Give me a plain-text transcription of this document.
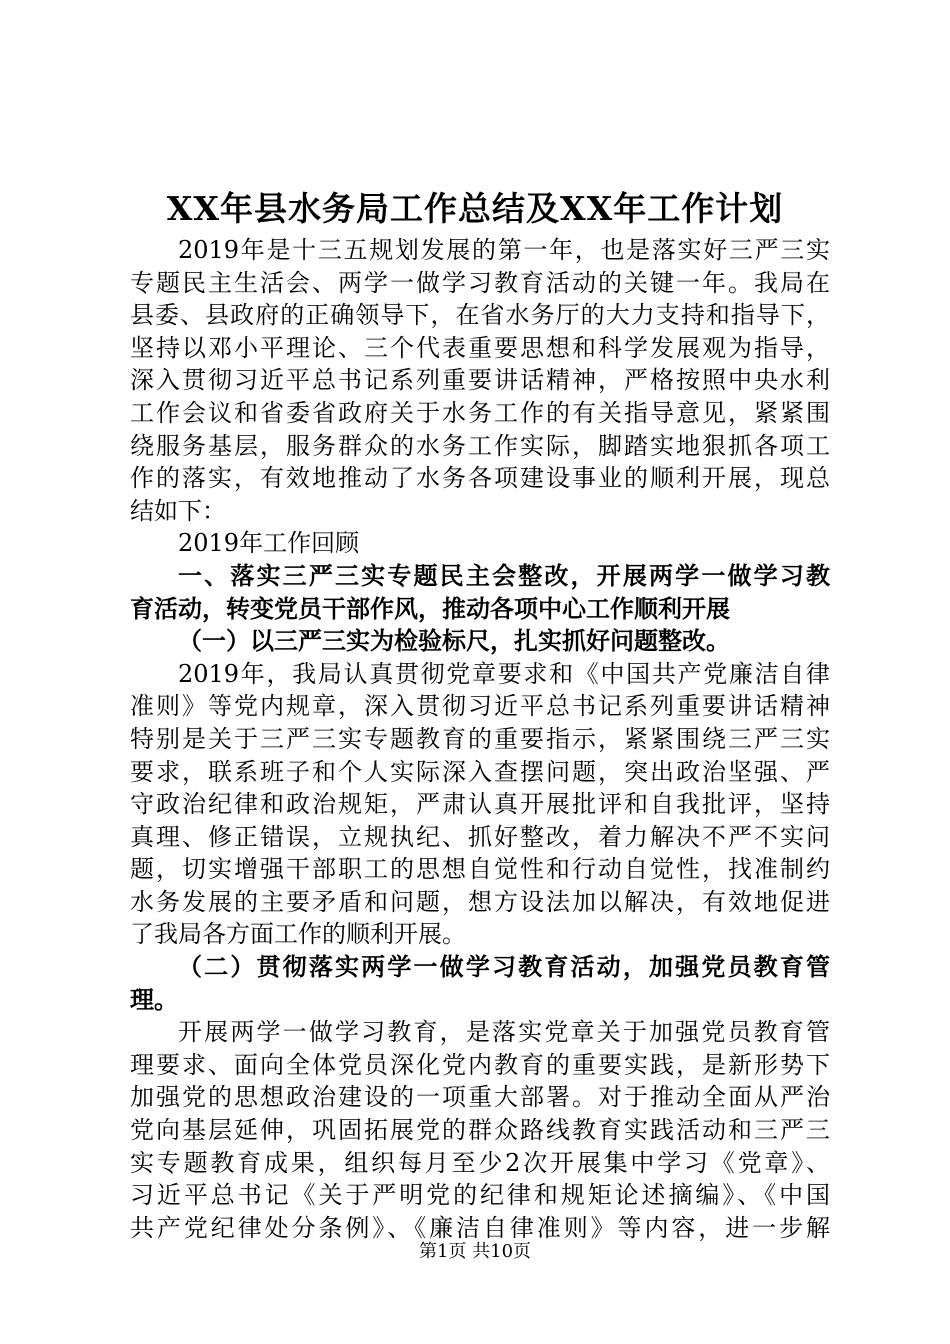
XX年县水务局工作总结及XX年工作计划
2019年是十三五规划发展的第一年，也是落实好三严三实
专题民主生活会、两学一做学习教育活动的关键一年。我局在
县委、县政府的正确领导下，在省水务厅的大力支持和指导下，
坚持以邓小平理论、三个代表重要思想和科学发展观为指导，
深入贯彻习近平总书记系列重要讲话精神，严格按照中央水利
工作会议和省委省政府关于水务工作的有关指导意见，紧紧围
绕服务基层，服务群众的水务工作实际，脚踏实地狠抓各项工
作的落实，有效地推动了水务各项建设事业的顺利开展，现总
结如下：
2019年工作回顾
一、落实三严三实专题民主会整改，开展两学一做学习教
育活动，转变党员干部作风，推动各项中心工作顺利开展
（一）以三严三实为检验标尺，扎实抓好问题整改。
2019年，我局认真贯彻党章要求和《中国共产党廉洁自律
准则》等党内规章，深入贯彻习近平总书记系列重要讲话精神
特别是关于三严三实专题教育的重要指示，紧紧围绕三严三实
要求，联系班子和个人实际深入查摆问题，突出政治坚强、严
守政治纪律和政治规矩，严肃认真开展批评和自我批评，坚持
真理、修正错误，立规执纪、抓好整改，着力解决不严不实问
题，切实增强干部职工的思想自觉性和行动自觉性，找准制约
水务发展的主要矛盾和问题，想方设法加以解决，有效地促进
了我局各方面工作的顺利开展。
（二）贯彻落实两学一做学习教育活动，加强党员教育管
理。
开展两学一做学习教育，是落实党章关于加强党员教育管
理要求、面向全体党员深化党内教育的重要实践，是新形势下
加强党的思想政治建设的一项重大部署。对于推动全面从严治
党向基层延伸，巩固拓展党的群众路线教育实践活动和三严三
实专题教育成果，组织每月至少2次开展集中学习《党章》、
习近平总书记《关于严明党的纪律和规矩论述摘编》、《中国
共产党纪律处分条例》、《廉洁自律准则》等内容，进一步解
第1页 共10页
